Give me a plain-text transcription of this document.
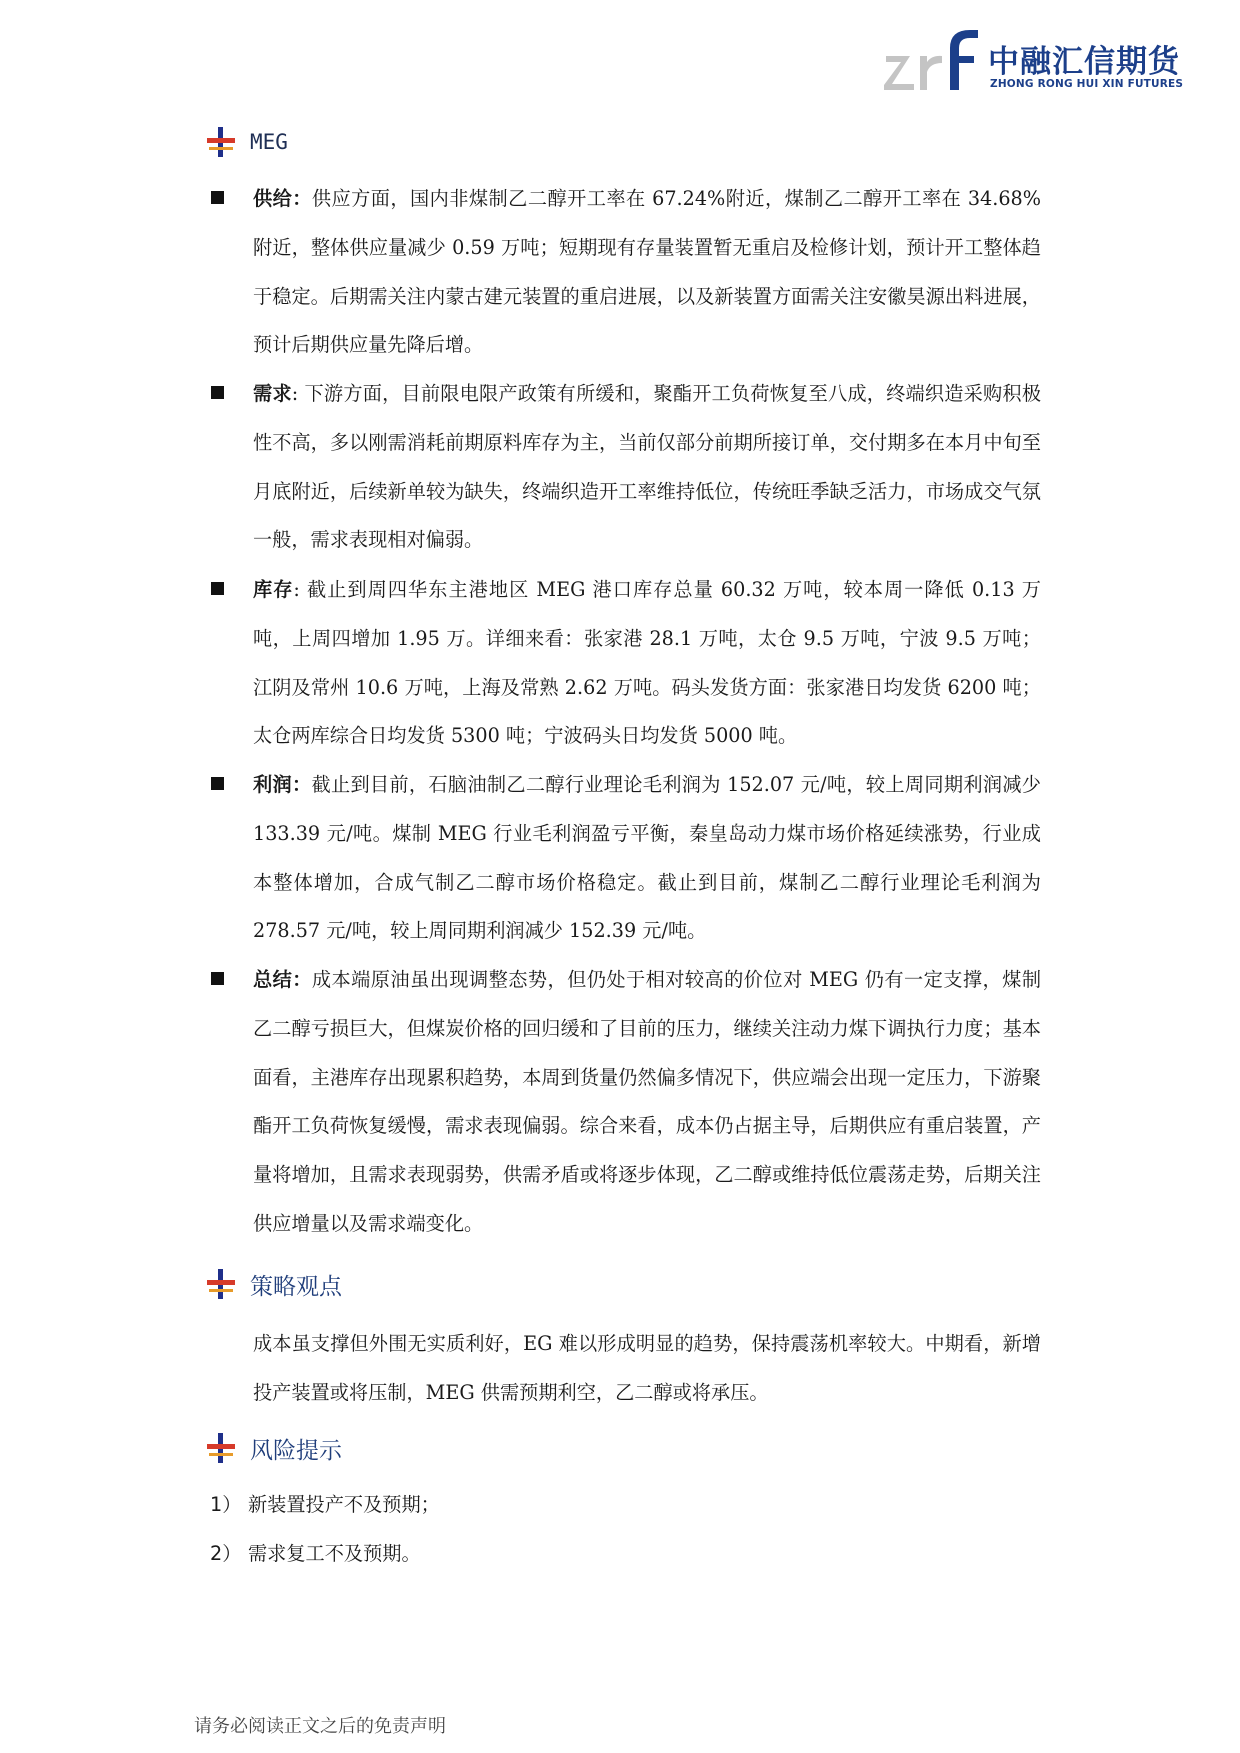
中融汇信期货
ZHONG RONG HUI XIN FUTURES
MEG
供给：供应方面，国内非煤制乙二醇开工率在 67.24%附近，煤制乙二醇开工率在 34.68%附近，整体供应量减少 0.59 万吨；短期现有存量装置暂无重启及检修计划，预计开工整体趋于稳定。后期需关注内蒙古建元装置的重启进展，以及新装置方面需关注安徽昊源出料进展，预计后期供应量先降后增。
需求: 下游方面，目前限电限产政策有所缓和，聚酯开工负荷恢复至八成，终端织造采购积极性不高，多以刚需消耗前期原料库存为主，当前仅部分前期所接订单，交付期多在本月中旬至月底附近，后续新单较为缺失，终端织造开工率维持低位，传统旺季缺乏活力，市场成交气氛一般，需求表现相对偏弱。
库存: 截止到周四华东主港地区 MEG 港口库存总量 60.32 万吨，较本周一降低 0.13 万吨，上周四增加 1.95 万。详细来看：张家港 28.1 万吨，太仓 9.5 万吨，宁波 9.5 万吨；江阴及常州 10.6 万吨，上海及常熟 2.62 万吨。码头发货方面：张家港日均发货 6200 吨；太仓两库综合日均发货 5300 吨；宁波码头日均发货 5000 吨。
利润：截止到目前，石脑油制乙二醇行业理论毛利润为 152.07 元/吨，较上周同期利润减少 133.39 元/吨。煤制 MEG 行业毛利润盈亏平衡，秦皇岛动力煤市场价格延续涨势，行业成本整体增加，合成气制乙二醇市场价格稳定。截止到目前，煤制乙二醇行业理论毛利润为 278.57 元/吨，较上周同期利润减少 152.39 元/吨。
总结：成本端原油虽出现调整态势，但仍处于相对较高的价位对 MEG 仍有一定支撑，煤制乙二醇亏损巨大，但煤炭价格的回归缓和了目前的压力，继续关注动力煤下调执行力度；基本面看，主港库存出现累积趋势，本周到货量仍然偏多情况下，供应端会出现一定压力，下游聚酯开工负荷恢复缓慢，需求表现偏弱。综合来看，成本仍占据主导，后期供应有重启装置，产量将增加，且需求表现弱势，供需矛盾或将逐步体现，乙二醇或维持低位震荡走势，后期关注供应增量以及需求端变化。
策略观点
成本虽支撑但外围无实质利好，EG 难以形成明显的趋势，保持震荡机率较大。中期看，新增投产装置或将压制，MEG 供需预期利空，乙二醇或将承压。
风险提示
1） 新装置投产不及预期；
2） 需求复工不及预期。
请务必阅读正文之后的免责声明
